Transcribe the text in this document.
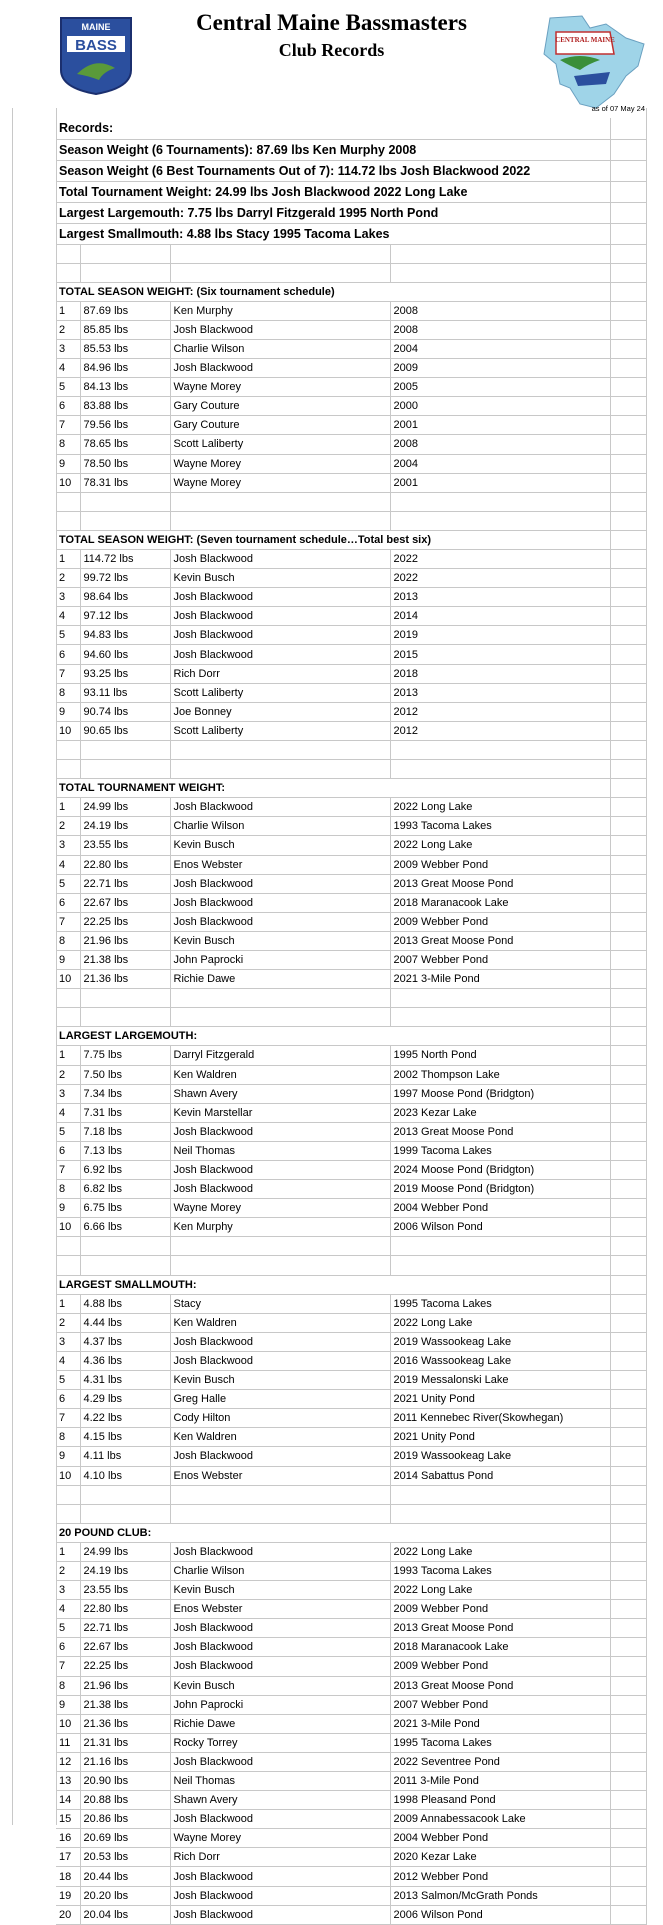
MAINE
BASS
Central Maine Bassmasters
Club Records	CENTRAL MAINE
as of 07 May 24
Records:				
Season Weight (6 Tournaments): 87.69 lbs Ken Murphy 2008				
Season Weight (6 Best Tournaments Out of 7): 114.72 lbs Josh Blackwood 2022				
Total Tournament Weight: 24.99 lbs Josh Blackwood 2022 Long Lake				
Largest Largemouth: 7.75 lbs Darryl Fitzgerald 1995 North Pond				
Largest Smallmouth: 4.88 lbs Stacy 1995 Tacoma Lakes				

TOTAL SEASON WEIGHT: (Six tournament schedule)				
1	87.69 lbs	Ken Murphy	2008	
2	85.85 lbs	Josh Blackwood	2008	
3	85.53 lbs	Charlie Wilson	2004	
4	84.96 lbs	Josh Blackwood	2009	
5	84.13 lbs	Wayne Morey	2005	
6	83.88 lbs	Gary Couture	2000	
7	79.56 lbs	Gary Couture	2001	
8	78.65 lbs	Scott Laliberty	2008	
9	78.50 lbs	Wayne Morey	2004	
10	78.31 lbs	Wayne Morey	2001	

TOTAL SEASON WEIGHT: (Seven tournament schedule…Total best six)				
1	114.72 lbs	Josh Blackwood	2022	
2	99.72 lbs	Kevin Busch	2022	
3	98.64 lbs	Josh Blackwood	2013	
4	97.12 lbs	Josh Blackwood	2014	
5	94.83 lbs	Josh Blackwood	2019	
6	94.60 lbs	Josh Blackwood	2015	
7	93.25 lbs	Rich Dorr	2018	
8	93.11 lbs	Scott Laliberty	2013	
9	90.74 lbs	Joe Bonney	2012	
10	90.65 lbs	Scott Laliberty	2012	

TOTAL TOURNAMENT WEIGHT:				
1	24.99 lbs	Josh Blackwood	2022 Long Lake	
2	24.19 lbs	Charlie Wilson	1993 Tacoma Lakes	
3	23.55 lbs	Kevin Busch	2022 Long Lake	
4	22.80 lbs	Enos Webster	2009 Webber Pond	
5	22.71 lbs	Josh Blackwood	2013 Great Moose Pond	
6	22.67 lbs	Josh Blackwood	2018 Maranacook Lake	
7	22.25 lbs	Josh Blackwood	2009 Webber Pond	
8	21.96 lbs	Kevin Busch	2013 Great Moose Pond	
9	21.38 lbs	John Paprocki	2007 Webber Pond	
10	21.36 lbs	Richie Dawe	2021 3-Mile Pond	

LARGEST LARGEMOUTH:				
1	7.75 lbs	Darryl Fitzgerald	1995 North Pond	
2	7.50 lbs	Ken Waldren	2002 Thompson Lake	
3	7.34 lbs	Shawn Avery	1997 Moose Pond (Bridgton)	
4	7.31 lbs	Kevin Marstellar	2023 Kezar Lake	
5	7.18 lbs	Josh Blackwood	2013 Great Moose Pond	
6	7.13 lbs	Neil Thomas	1999 Tacoma Lakes	
7	6.92 lbs	Josh Blackwood	2024 Moose Pond (Bridgton)	
8	6.82 lbs	Josh Blackwood	2019 Moose Pond (Bridgton)	
9	6.75 lbs	Wayne Morey	2004 Webber Pond	
10	6.66 lbs	Ken Murphy	2006 Wilson Pond	

LARGEST SMALLMOUTH:				
1	4.88 lbs	Stacy	1995 Tacoma Lakes	
2	4.44 lbs	Ken Waldren	2022 Long Lake	
3	4.37 lbs	Josh Blackwood	2019 Wassookeag Lake	
4	4.36 lbs	Josh Blackwood	2016 Wassookeag Lake	
5	4.31 lbs	Kevin Busch	2019 Messalonski Lake	
6	4.29 lbs	Greg Halle	2021 Unity Pond	
7	4.22 lbs	Cody Hilton	2011 Kennebec River(Skowhegan)	
8	4.15 lbs	Ken Waldren	2021 Unity Pond	
9	4.11 lbs	Josh Blackwood	2019 Wassookeag Lake	
10	4.10 lbs	Enos Webster	2014 Sabattus Pond	

20 POUND CLUB:				
1	24.99 lbs	Josh Blackwood	2022 Long Lake	
2	24.19 lbs	Charlie Wilson	1993 Tacoma Lakes	
3	23.55 lbs	Kevin Busch	2022 Long Lake	
4	22.80 lbs	Enos Webster	2009 Webber Pond	
5	22.71 lbs	Josh Blackwood	2013 Great Moose Pond	
6	22.67 lbs	Josh Blackwood	2018 Maranacook Lake	
7	22.25 lbs	Josh Blackwood	2009 Webber Pond	
8	21.96 lbs	Kevin Busch	2013 Great Moose Pond	
9	21.38 lbs	John Paprocki	2007 Webber Pond	
10	21.36 lbs	Richie Dawe	2021 3-Mile Pond	
11	21.31 lbs	Rocky Torrey	1995 Tacoma Lakes	
12	21.16 lbs	Josh Blackwood	2022 Seventree Pond	
13	20.90 lbs	Neil Thomas	2011 3-Mile Pond	
14	20.88 lbs	Shawn Avery	1998 Pleasand Pond	
15	20.86 lbs	Josh Blackwood	2009 Annabessacook Lake	
16	20.69 lbs	Wayne Morey	2004 Webber Pond	
17	20.53 lbs	Rich Dorr	2020 Kezar Lake	
18	20.44 lbs	Josh Blackwood	2012 Webber Pond	
19	20.20 lbs	Josh Blackwood	2013 Salmon/McGrath Ponds	
20	20.04 lbs	Josh Blackwood	2006 Wilson Pond	
